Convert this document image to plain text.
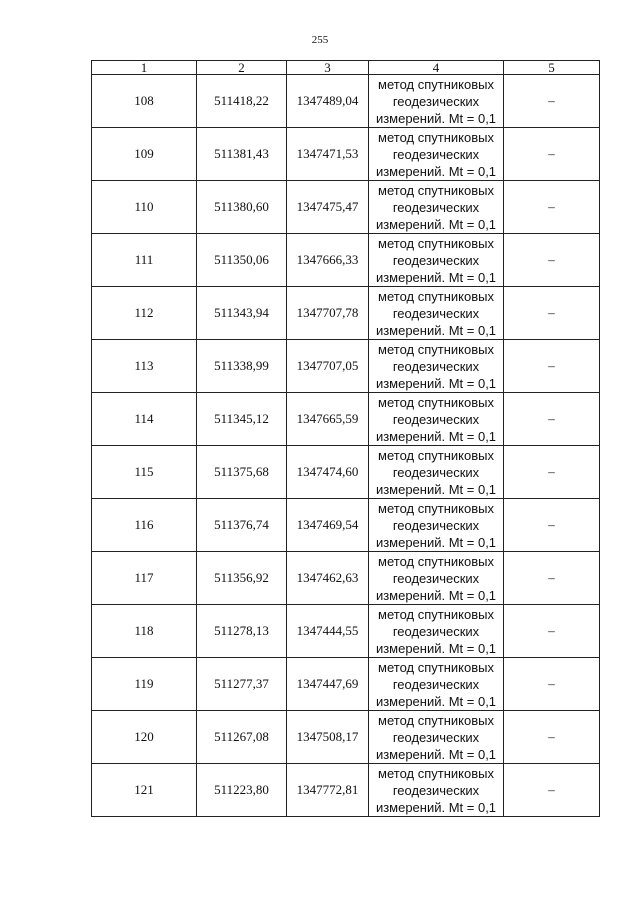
255
1	2	3	4	5
108	511418,22	1347489,04	метод спутниковых
геодезических
измерений. Mt = 0,1	–
109	511381,43	1347471,53	метод спутниковых
геодезических
измерений. Mt = 0,1	–
110	511380,60	1347475,47	метод спутниковых
геодезических
измерений. Mt = 0,1	–
111	511350,06	1347666,33	метод спутниковых
геодезических
измерений. Mt = 0,1	–
112	511343,94	1347707,78	метод спутниковых
геодезических
измерений. Mt = 0,1	–
113	511338,99	1347707,05	метод спутниковых
геодезических
измерений. Mt = 0,1	–
114	511345,12	1347665,59	метод спутниковых
геодезических
измерений. Mt = 0,1	–
115	511375,68	1347474,60	метод спутниковых
геодезических
измерений. Mt = 0,1	–
116	511376,74	1347469,54	метод спутниковых
геодезических
измерений. Mt = 0,1	–
117	511356,92	1347462,63	метод спутниковых
геодезических
измерений. Mt = 0,1	–
118	511278,13	1347444,55	метод спутниковых
геодезических
измерений. Mt = 0,1	–
119	511277,37	1347447,69	метод спутниковых
геодезических
измерений. Mt = 0,1	–
120	511267,08	1347508,17	метод спутниковых
геодезических
измерений. Mt = 0,1	–
121	511223,80	1347772,81	метод спутниковых
геодезических
измерений. Mt = 0,1	–
